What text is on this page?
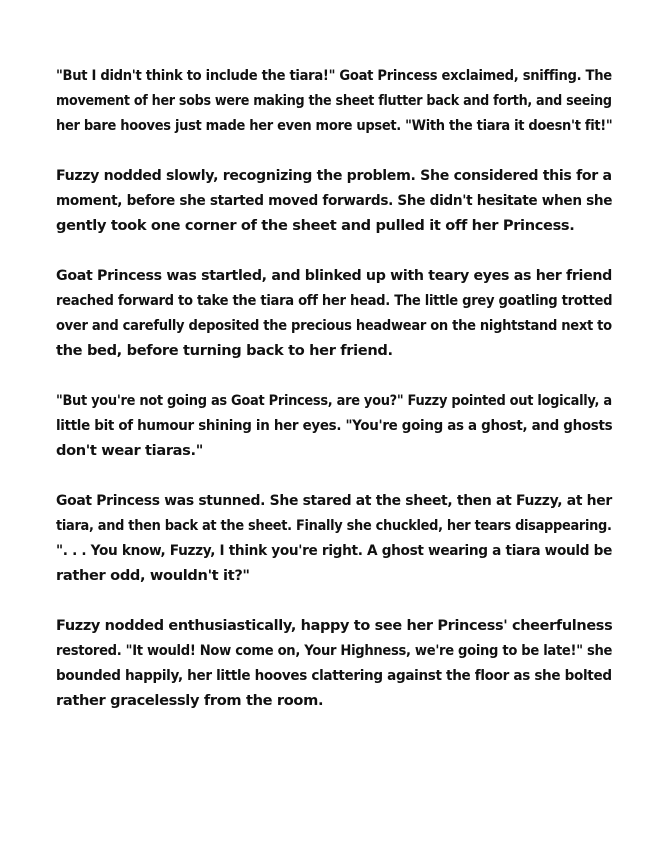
"But I didn't think to include the tiara!" Goat Princess exclaimed, sniffing. The
movement of her sobs were making the sheet flutter back and forth, and seeing
her bare hooves just made her even more upset. "With the tiara it doesn't fit!"

Fuzzy nodded slowly, recognizing the problem. She considered this for a
moment, before she started moved forwards. She didn't hesitate when she
gently took one corner of the sheet and pulled it off her Princess.

Goat Princess was startled, and blinked up with teary eyes as her friend
reached forward to take the tiara off her head. The little grey goatling trotted
over and carefully deposited the precious headwear on the nightstand next to
the bed, before turning back to her friend.

"But you're not going as Goat Princess, are you?" Fuzzy pointed out logically, a
little bit of humour shining in her eyes. "You're going as a ghost, and ghosts
don't wear tiaras."

Goat Princess was stunned. She stared at the sheet, then at Fuzzy, at her
tiara, and then back at the sheet. Finally she chuckled, her tears disappearing.
". . . You know, Fuzzy, I think you're right. A ghost wearing a tiara would be
rather odd, wouldn't it?"

Fuzzy nodded enthusiastically, happy to see her Princess' cheerfulness
restored. "It would! Now come on, Your Highness, we're going to be late!" she
bounded happily, her little hooves clattering against the floor as she bolted
rather gracelessly from the room.
